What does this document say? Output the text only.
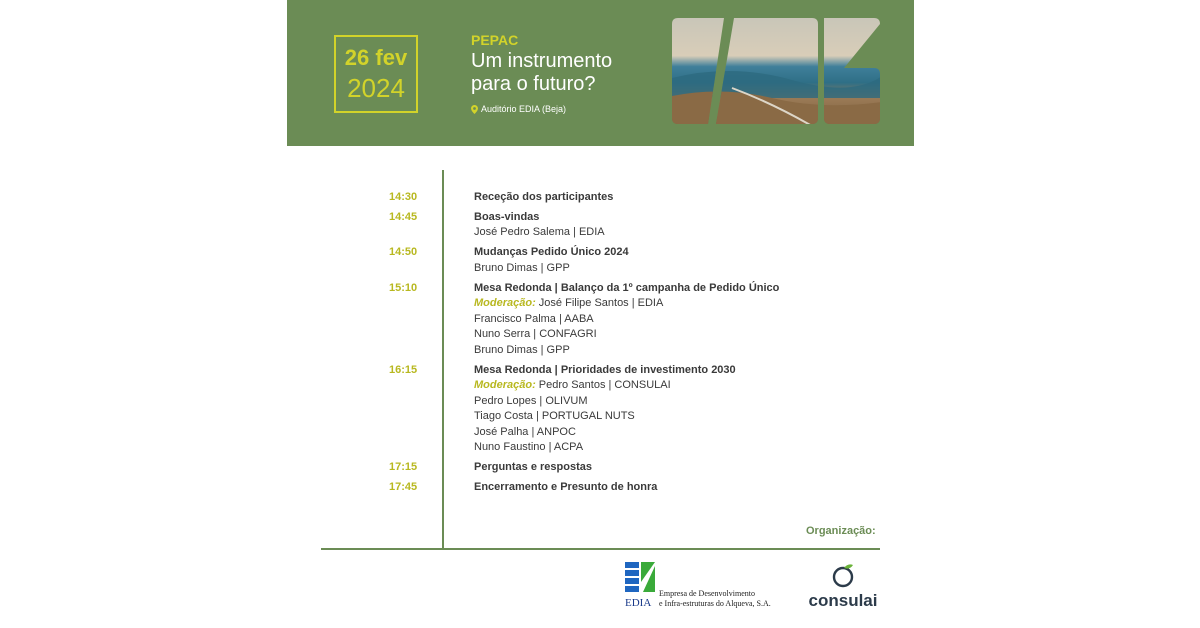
26 fev
2024
PEPAC
Um instrumento
para o futuro?
Auditório EDIA (Beja)
14:30	Receção dos participantes
14:45	Boas-vindas
José Pedro Salema | EDIA
14:50	Mudanças Pedido Único 2024
Bruno Dimas | GPP
15:10	Mesa Redonda | Balanço da 1º campanha de Pedido Único
Moderação: José Filipe Santos | EDIA
Francisco Palma | AABA
Nuno Serra | CONFAGRI
Bruno Dimas | GPP
16:15	Mesa Redonda | Prioridades de investimento 2030
Moderação: Pedro Santos | CONSULAI
Pedro Lopes | OLIVUM
Tiago Costa | PORTUGAL NUTS
José Palha | ANPOC
Nuno Faustino | ACPA
17:15	Perguntas e respostas
17:45	Encerramento e Presunto de honra
Organização:
EDIA
Empresa de Desenvolvimento
e Infra-estruturas do Alqueva, S.A.	consulai
